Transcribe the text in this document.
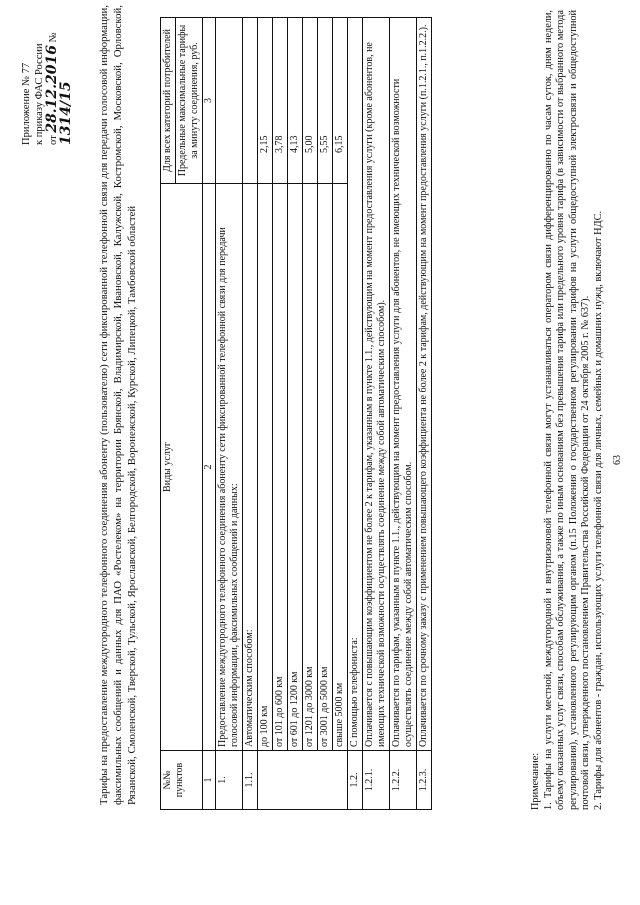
Приложение № 77 к приказу ФАС России от 28.12.2016 № 1314/15 Тарифы на предоставление междугородного телефонного соединения абоненту (пользователю) сети фиксированной телефонной связи для передачи голосовой информации, факсимильных сообщений и данных для ПАО «Ростелеком» на территории Брянской, Владимирской, Ивановской, Калужской, Костромской, Московской, Орловской, Рязанской, Смоленской, Тверской, Тульской, Ярославской, Белгородской, Воронежской, Курской, Липецкой, Тамбовской областей №№ пунктов	Виды услуг	Для всех категорий потребителей
		Предельные максимальные тарифы за минуту соединения, руб.
1	2	3
1.	Предоставление междугородного телефонного соединения абоненту сети фиксированной телефонной связи для передачи голосовой информации, факсимильных сообщений и данных:	
1.1.	Автоматическим способом:	
	до 100 км	2,15
	от 101 до 600 км	3,78
	от 601 до 1200 км	4,13
	от 1201 до 3000 км	5,00
	от 3001 до 5000 км	5,55
	свыше 5000 км	6,15
1.2.	С помощью телефониста:	
1.2.1.	Оплачивается с повышающим коэффициентом не более 2 к тарифам, указанным в пункте 1.1., действующим на момент предоставления услуги (кроме абонентов, не имеющих технической возможности осуществлять соединение между собой автоматическим способом).	
1.2.2.	Оплачивается по тарифам, указанным в пункте 1.1., действующим на момент предоставления услуги для абонентов, не имеющих технической возможности осуществлять соединение между собой автоматическим способом.	
1.2.3.	Оплачивается по срочному заказу с применением повышающего коэффициента не более 2 к тарифам, действующим на момент предоставления услуги (п.1.2.1., п.1.2.2.).	

Примечание: 1. Тарифы на услуги местной, междугородной и внутризоновой телефонной связи могут устанавливаться оператором связи дифференцированно по часам суток, дням недели, объему оказанных услуг связи, способам обслуживания, а также по иным основаниям без превышения тарифа или предельного уровня тарифа (в зависимости от выбранного метода регулирования), установленного регулирующим органом (п.15 Положения о государственном регулировании тарифов на услуги общедоступной электросвязи и общедоступной почтовой связи, утвержденного постановлением Правительства Российской Федерации от 24 октября 2005 г. № 637). 2. Тарифы для абонентов - граждан, использующих услуги телефонной связи для личных, семейных и домашних нужд, включают НДС. 63
